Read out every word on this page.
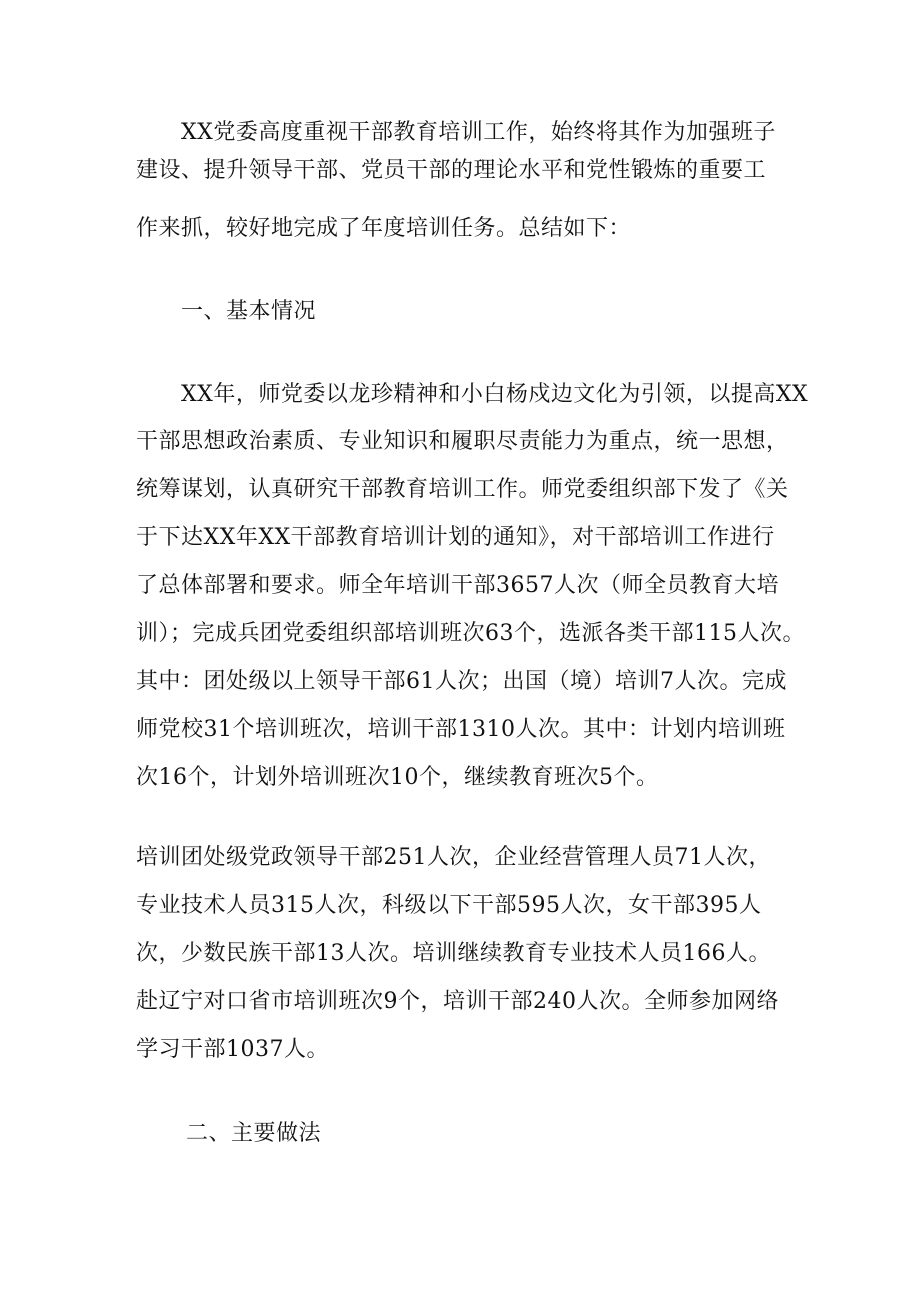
XX党委高度重视干部教育培训工作，始终将其作为加强班子
建设、提升领导干部、党员干部的理论水平和党性锻炼的重要工
作来抓，较好地完成了年度培训任务。总结如下：
一、基本情况
XX年，师党委以龙珍精神和小白杨戍边文化为引领，以提高XX
干部思想政治素质、专业知识和履职尽责能力为重点，统一思想，
统筹谋划，认真研究干部教育培训工作。师党委组织部下发了《关
于下达XX年XX干部教育培训计划的通知》，对干部培训工作进行
了总体部署和要求。师全年培训干部3657人次（师全员教育大培
训）；完成兵团党委组织部培训班次63个，选派各类干部115人次。
其中：团处级以上领导干部61人次；出国（境）培训7人次。完成
师党校31个培训班次，培训干部1310人次。其中：计划内培训班
次16个，计划外培训班次10个，继续教育班次5个。
培训团处级党政领导干部251人次，企业经营管理人员71人次，
专业技术人员315人次，科级以下干部595人次，女干部395人
次，少数民族干部13人次。培训继续教育专业技术人员166人。
赴辽宁对口省市培训班次9个，培训干部240人次。全师参加网络
学习干部1037人。
二、主要做法
